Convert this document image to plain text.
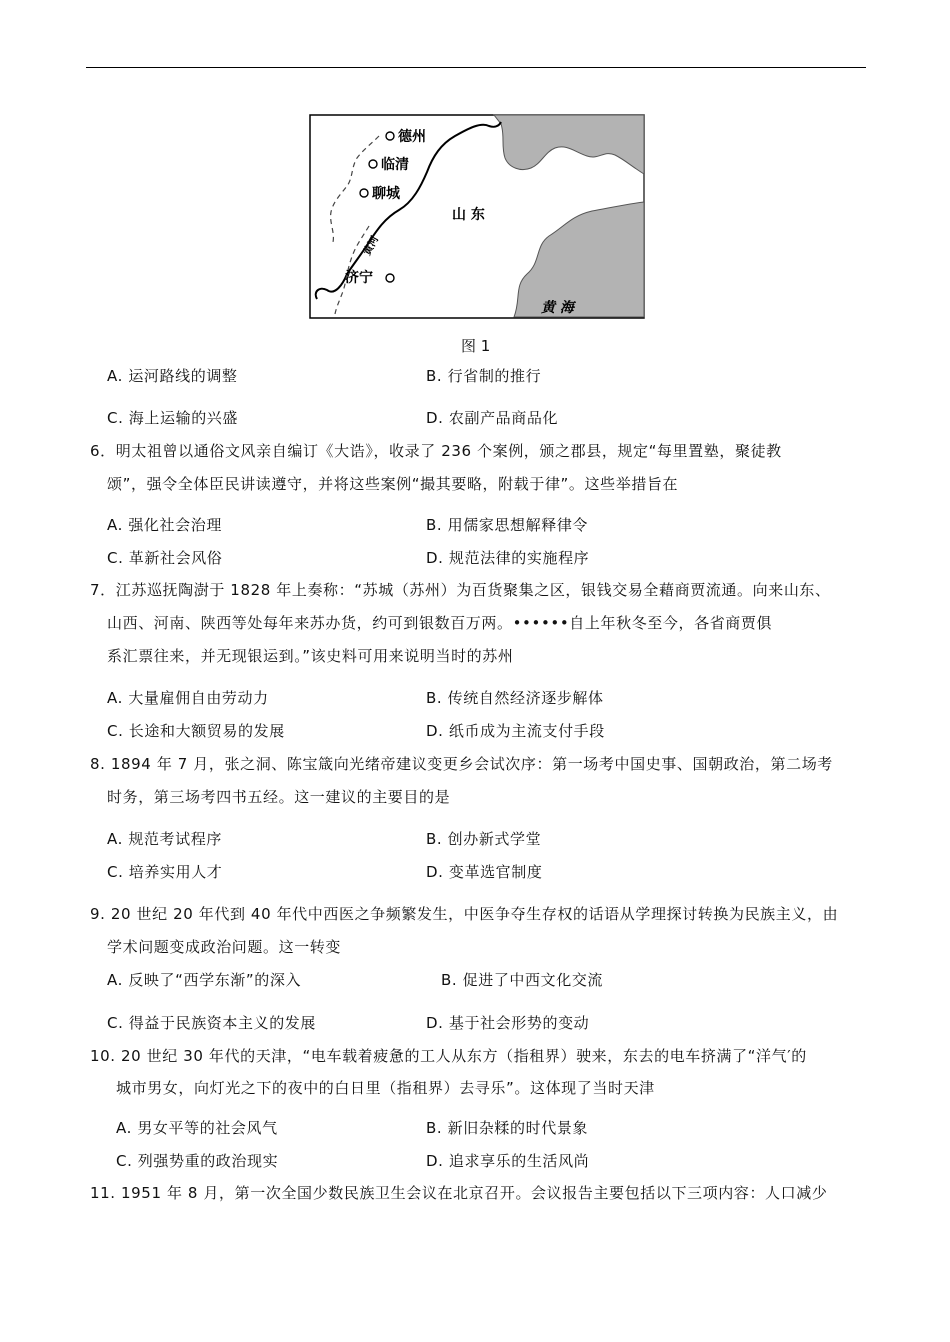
德州
临清
聊城
山 东
黄河
济宁
黄 海
图 1
A. 运河路线的调整	B. 行省制的推行
C. 海上运输的兴盛	D. 农副产品商品化
6．明太祖曾以通俗文风亲自编订《大诰》，收录了 236 个案例，颁之郡县，规定“每里置塾，聚徒教
颂”，强令全体臣民讲读遵守，并将这些案例“撮其要略，附载于律”。这些举措旨在
A. 强化社会治理	B. 用儒家思想解释律令
C. 革新社会风俗	D. 规范法律的实施程序
7．江苏巡抚陶澍于 1828 年上奏称：“苏城（苏州）为百货聚集之区，银钱交易全藉商贾流通。向来山东、
山西、河南、陕西等处每年来苏办货，约可到银数百万两。••••••自上年秋冬至今，各省商贾俱
系汇票往来，并无现银运到。”该史料可用来说明当时的苏州
A. 大量雇佣自由劳动力	B. 传统自然经济逐步解体
C. 长途和大额贸易的发展	D. 纸币成为主流支付手段
8. 1894 年 7 月，张之洞、陈宝箴向光绪帝建议变更乡会试次序：第一场考中国史事、国朝政治，第二场考
时务，第三场考四书五经。这一建议的主要目的是
A. 规范考试程序	B. 创办新式学堂
C. 培养实用人才	D. 变革选官制度
9. 20 世纪 20 年代到 40 年代中西医之争频繁发生，中医争夺生存权的话语从学理探讨转换为民族主义，由
学术问题变成政治问题。这一转变
A. 反映了“西学东渐”的深入	B. 促进了中西文化交流
C. 得益于民族资本主义的发展	D. 基于社会形势的变动
10. 20 世纪 30 年代的天津，“电车载着疲惫的工人从东方（指租界）驶来，东去的电车挤满了“洋气′的
城市男女，向灯光之下的夜中的白日里（指租界）去寻乐”。这体现了当时天津
A. 男女平等的社会风气	B. 新旧杂糅的时代景象
C. 列强势重的政治现实	D. 追求享乐的生活风尚
11. 1951 年 8 月，第一次全国少数民族卫生会议在北京召开。会议报告主要包括以下三项内容：人口减少
